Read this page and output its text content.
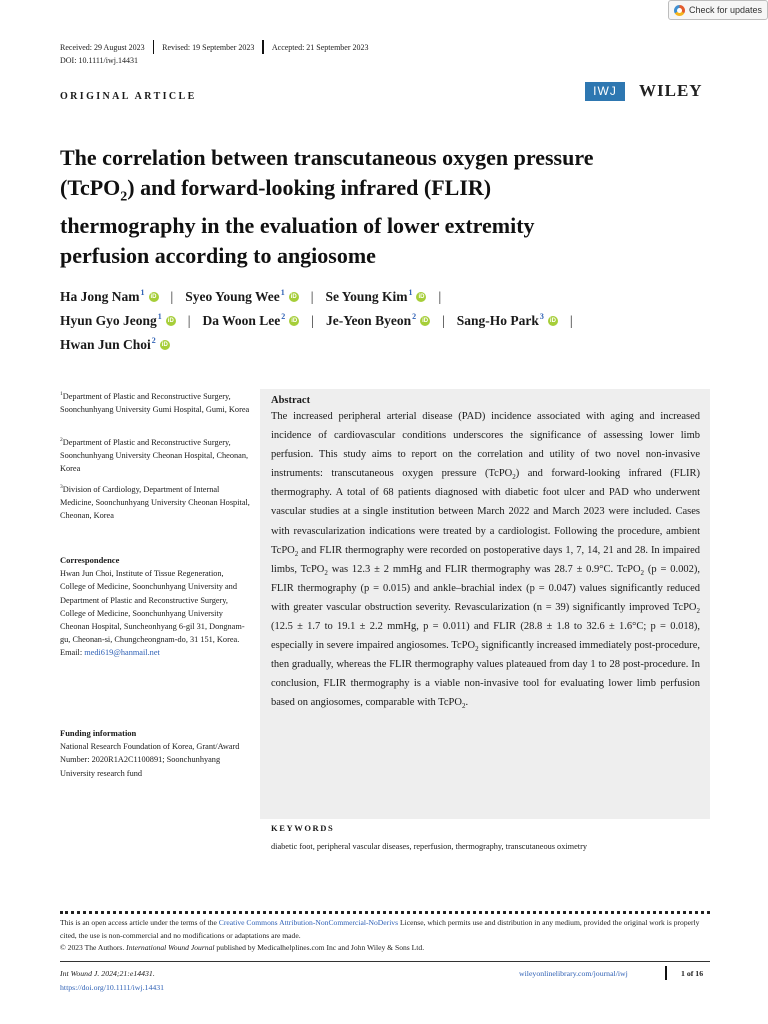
Check for updates
Received: 29 August 2023 Revised: 19 September 2023 Accepted: 21 September 2023
DOI: 10.1111/iwj.14431
ORIGINAL ARTICLE	IWJ	WILEY
The correlation between transcutaneous oxygen pressure
(TcPO$_2$) and forward-looking infrared (FLIR)
thermography in the evaluation of lower extremity
perfusion according to angiosome
Ha Jong Nam$^1$
iD | Syeo Young Wee$^1$
iD | Se Young Kim$^1$
iD |
Hyun Gyo Jeong$^1$
iD | Da Woon Lee$^2$
iD | Je-Yeon Byeon$^2$
iD | Sang-Ho Park$^3$
iD |
Hwan Jun Choi$^2$
iD
$^1$Department of Plastic and Reconstructive Surgery, Soonchunhyang University Gumi Hospital, Gumi, Korea
$^2$Department of Plastic and Reconstructive Surgery, Soonchunhyang University Cheonan Hospital, Cheonan, Korea
$^3$Division of Cardiology, Department of Internal Medicine, Soonchunhyang University Cheonan Hospital, Cheonan, Korea
Correspondence
Hwan Jun Choi, Institute of Tissue Regeneration, College of Medicine, Soonchunhyang University and Department of Plastic and Reconstructive Surgery, College of Medicine, Soonchunhyang University Cheonan Hospital, Suncheonhyang 6-gil 31, Dongnam-gu, Cheonan-si, Chungcheongnam-do, 31 151, Korea.
Email: medi619@hanmail.net
Funding information
National Research Foundation of Korea, Grant/Award Number: 2020R1A2C1100891; Soonchunhyang University research fund
Abstract
The increased peripheral arterial disease (PAD) incidence associated with aging and increased incidence of cardiovascular conditions underscores the significance of assessing lower limb perfusion. This study aims to report on the correlation and utility of two novel non-invasive instruments: transcutaneous oxygen pressure (TcPO$_2$) and forward-looking infrared (FLIR) thermography. A total of 68 patients diagnosed with diabetic foot ulcer and PAD who underwent vascular studies at a single institution between March 2022 and March 2023 were included. Cases with revascularization indications were treated by a cardiologist. Following the procedure, ambient TcPO$_2$ and FLIR thermography were recorded on postoperative days 1, 7, 14, 21 and 28. In impaired limbs, TcPO$_2$ was 12.3 ± 2 mmHg and FLIR thermography was 28.7 ± 0.9°C. TcPO$_2$ (p = 0.002), FLIR thermography (p = 0.015) and ankle–brachial index (p = 0.047) values significantly reduced with greater vascular obstruction severity. Revascularization (n = 39) significantly improved TcPO$_2$ (12.5 ± 1.7 to 19.1 ± 2.2 mmHg, p = 0.011) and FLIR (28.8 ± 1.8 to 32.6 ± 1.6°C; p = 0.018), especially in severe impaired angiosomes. TcPO$_2$ significantly increased immediately post-procedure, then gradually, whereas the FLIR thermography values plateaued from day 1 to 28 post-procedure. In conclusion, FLIR thermography is a viable non-invasive tool for evaluating lower limb perfusion based on angiosomes, comparable with TcPO$_2$.
KEYWORDS
diabetic foot, peripheral vascular diseases, reperfusion, thermography, transcutaneous oximetry
This is an open access article under the terms of the Creative Commons Attribution-NonCommercial-NoDerivs License, which permits use and distribution in any medium, provided the original work is properly cited, the use is non-commercial and no modifications or adaptations are made.
© 2023 The Authors. International Wound Journal published by Medicalhelplines.com Inc and John Wiley & Sons Ltd.
Int Wound J. 2024;21:e14431.
https://doi.org/10.1111/iwj.14431
wileyonlinelibrary.com/journal/iwj	1 of 16
